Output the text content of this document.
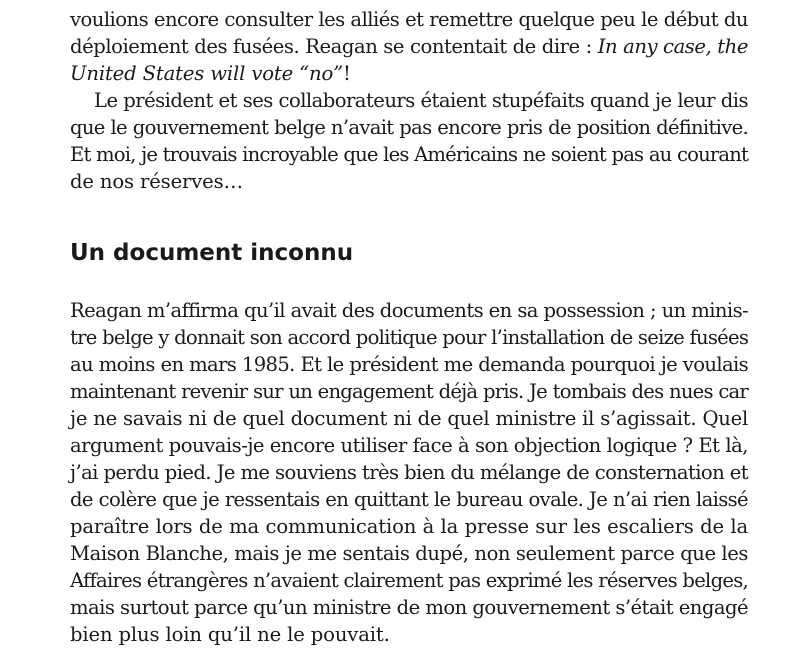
voulions encore consulter les alliés et remettre quelque peu le début du
déploiement des fusées. Reagan se contentait de dire : In any case, the
United States will vote “no”!

Le président et ses collaborateurs étaient stupéfaits quand je leur dis
que le gouvernement belge n’avait pas encore pris de position définitive.
Et moi, je trouvais incroyable que les Américains ne soient pas au courant
de nos réserves…

Un document inconnu

Reagan m’affirma qu’il avait des documents en sa possession ; un minis-
tre belge y donnait son accord politique pour l’installation de seize fusées
au moins en mars 1985. Et le président me demanda pourquoi je voulais
maintenant revenir sur un engagement déjà pris. Je tombais des nues car
je ne savais ni de quel document ni de quel ministre il s’agissait. Quel
argument pouvais-je encore utiliser face à son objection logique ? Et là,
j’ai perdu pied. Je me souviens très bien du mélange de consternation et
de colère que je ressentais en quittant le bureau ovale. Je n’ai rien laissé
paraître lors de ma communication à la presse sur les escaliers de la
Maison Blanche, mais je me sentais dupé, non seulement parce que les
Affaires étrangères n’avaient clairement pas exprimé les réserves belges,
mais surtout parce qu’un ministre de mon gouvernement s’était engagé
bien plus loin qu’il ne le pouvait.
